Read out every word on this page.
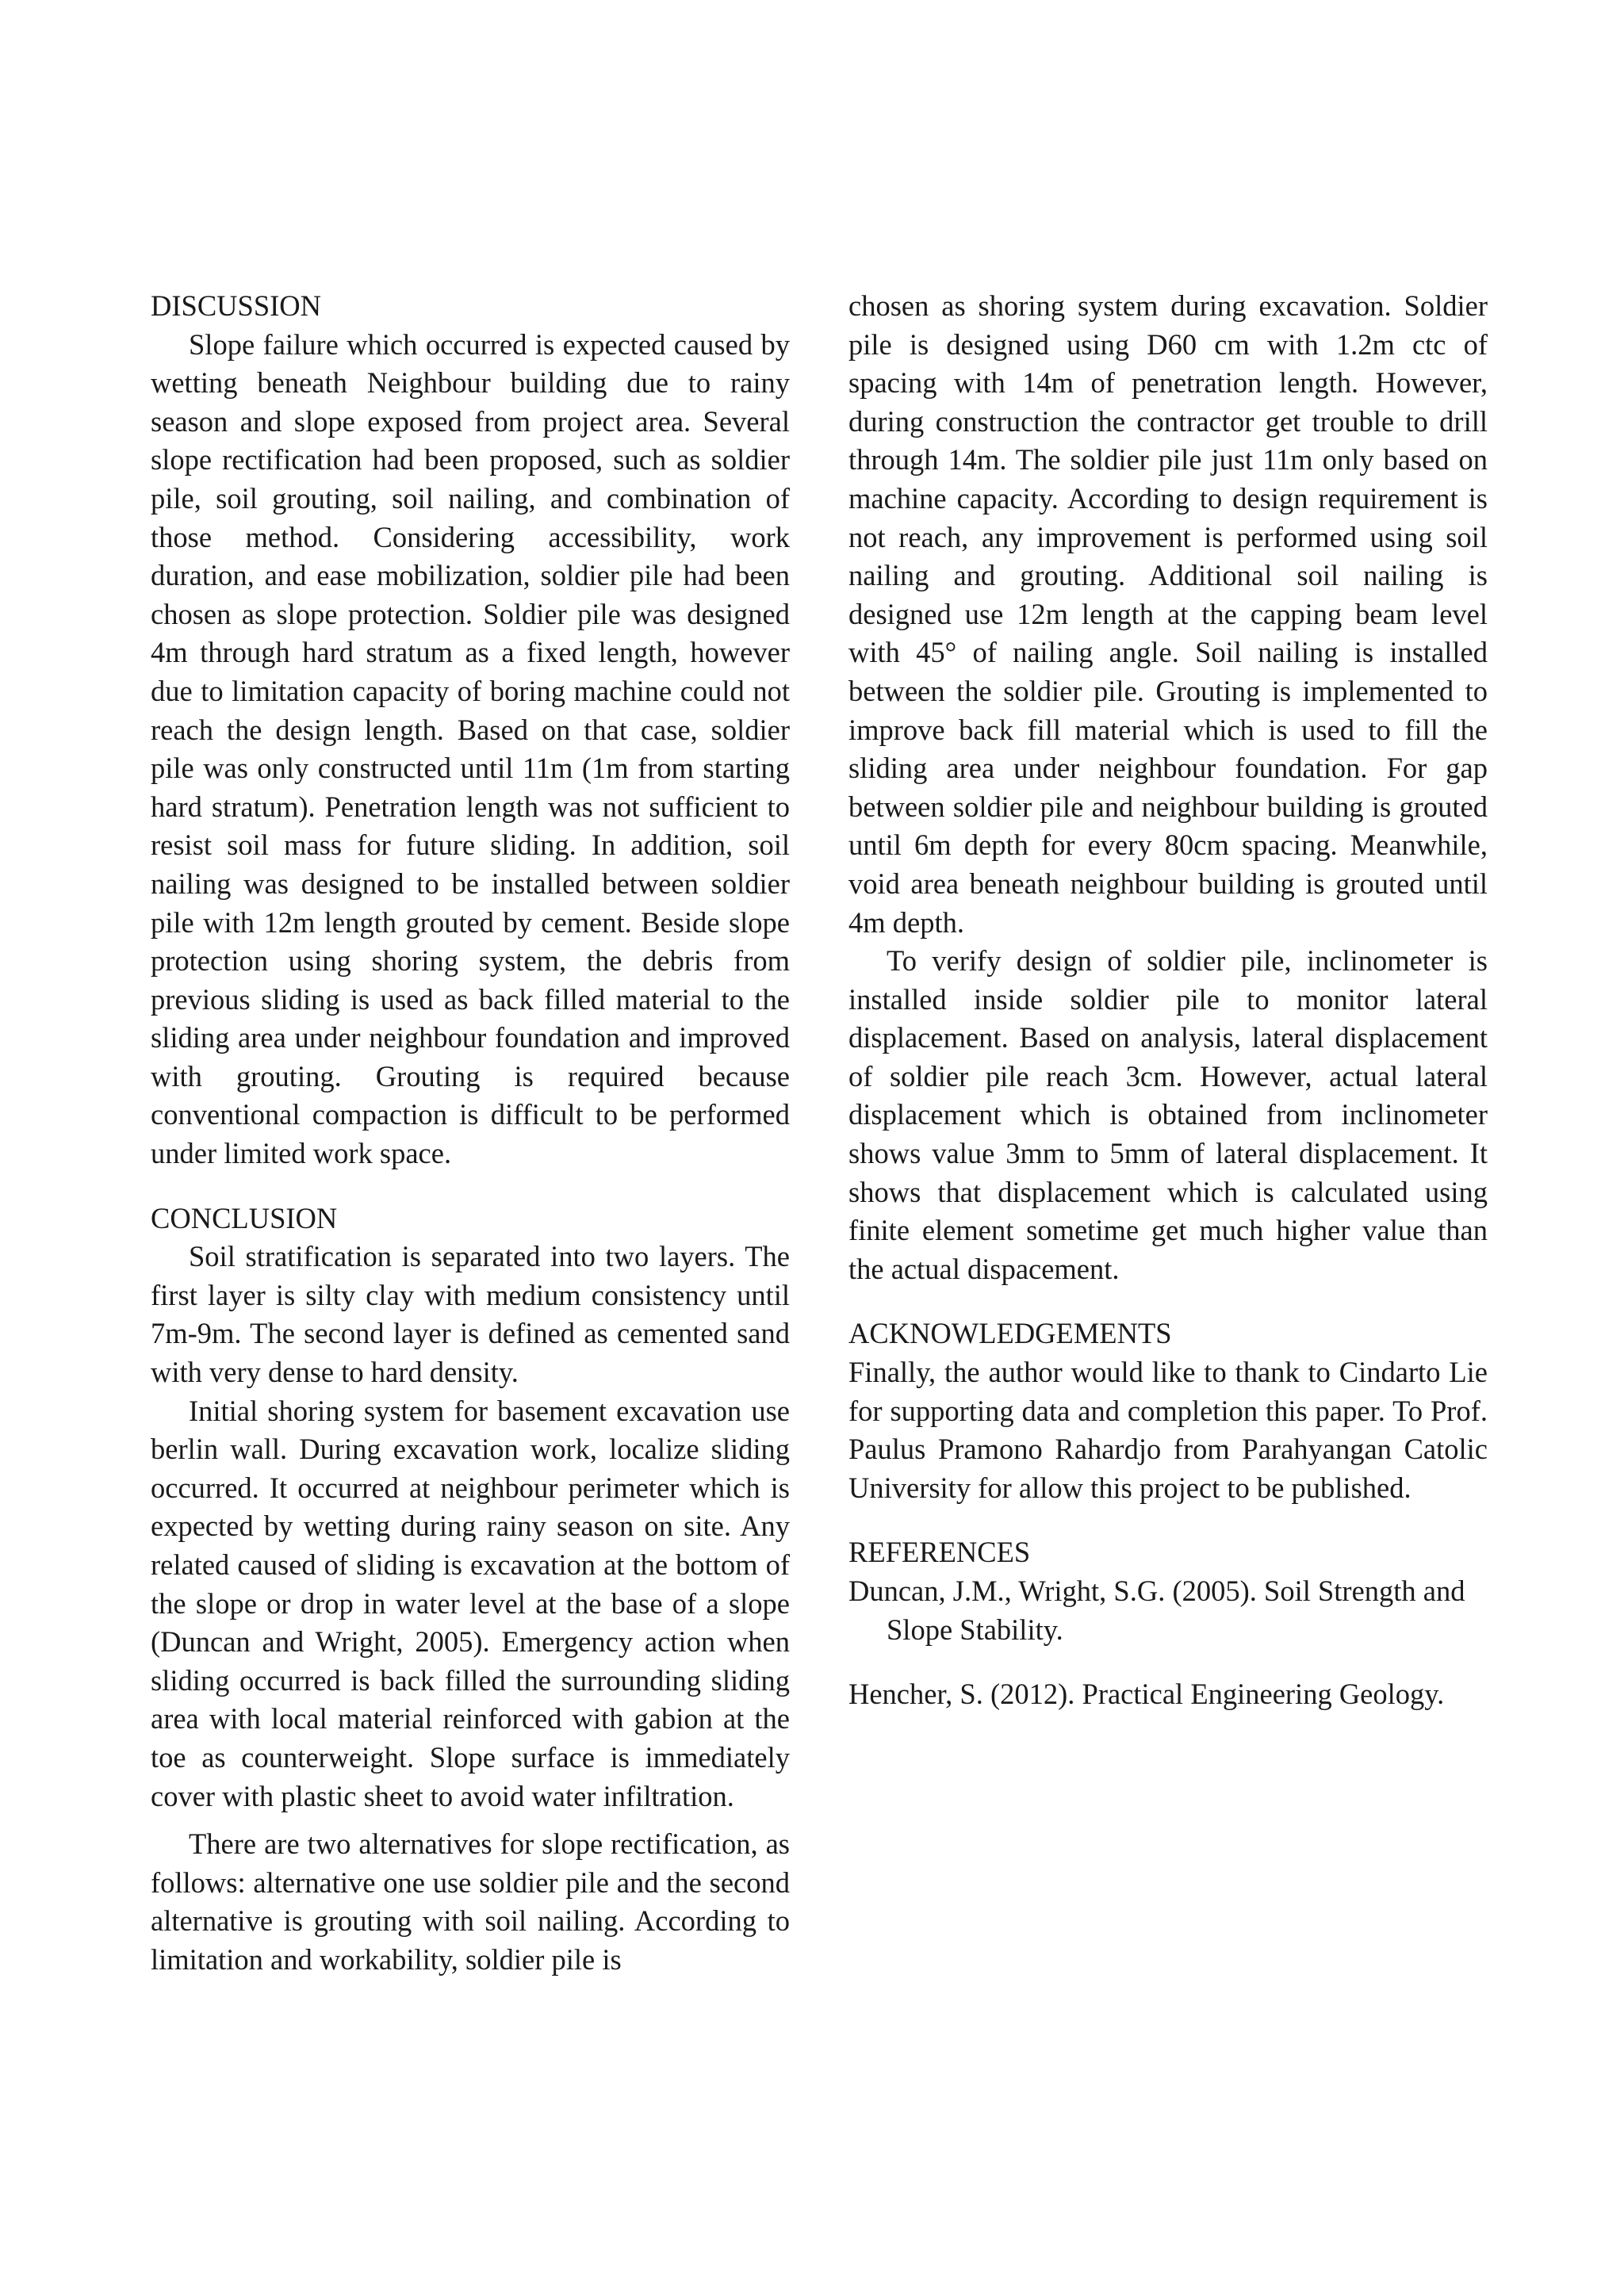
DISCUSSION

Slope failure which occurred is expected caused by wetting beneath Neighbour building due to rainy season and slope exposed from project area. Several slope rectification had been proposed, such as soldier pile, soil grouting, soil nailing, and combination of those method. Considering accessibility, work duration, and ease mobilization, soldier pile had been chosen as slope protection. Soldier pile was designed 4m through hard stratum as a fixed length, however due to limitation capacity of boring machine could not reach the design length. Based on that case, soldier pile was only constructed until 11m (1m from starting hard stratum). Penetration length was not sufficient to resist soil mass for future sliding. In addition, soil nailing was designed to be installed between soldier pile with 12m length grouted by cement. Beside slope protection using shoring system, the debris from previous sliding is used as back filled material to the sliding area under neighbour foundation and improved with grouting. Grouting is required because conventional compaction is difficult to be performed under limited work space.

CONCLUSION

Soil stratification is separated into two layers. The first layer is silty clay with medium consistency until 7m-9m. The second layer is defined as cemented sand with very dense to hard density.

Initial shoring system for basement excavation use berlin wall. During excavation work, localize sliding occurred. It occurred at neighbour perimeter which is expected by wetting during rainy season on site. Any related caused of sliding is excavation at the bottom of the slope or drop in water level at the base of a slope (Duncan and Wright, 2005). Emergency action when sliding occurred is back filled the surrounding sliding area with local material reinforced with gabion at the toe as counterweight. Slope surface is immediately cover with plastic sheet to avoid water infiltration.

There are two alternatives for slope rectification, as follows: alternative one use soldier pile and the second alternative is grouting with soil nailing. According to limitation and workability, soldier pile is

chosen as shoring system during excavation. Soldier pile is designed using D60 cm with 1.2m ctc of spacing with 14m of penetration length. However, during construction the contractor get trouble to drill through 14m. The soldier pile just 11m only based on machine capacity. According to design requirement is not reach, any improvement is performed using soil nailing and grouting. Additional soil nailing is designed use 12m length at the capping beam level with 45° of nailing angle. Soil nailing is installed between the soldier pile. Grouting is implemented to improve back fill material which is used to fill the sliding area under neighbour foundation. For gap between soldier pile and neighbour building is grouted until 6m depth for every 80cm spacing. Meanwhile, void area beneath neighbour building is grouted until 4m depth.

To verify design of soldier pile, inclinometer is installed inside soldier pile to monitor lateral displacement. Based on analysis, lateral displacement of soldier pile reach 3cm. However, actual lateral displacement which is obtained from inclinometer shows value 3mm to 5mm of lateral displacement. It shows that displacement which is calculated using finite element sometime get much higher value than the actual dispacement.

ACKNOWLEDGEMENTS

Finally, the author would like to thank to Cindarto Lie for supporting data and completion this paper. To Prof. Paulus Pramono Rahardjo from Parahyangan Catolic University for allow this project to be published.

REFERENCES

Duncan, J.M., Wright, S.G. (2005). Soil Strength and Slope Stability.

Hencher, S. (2012). Practical Engineering Geology.
